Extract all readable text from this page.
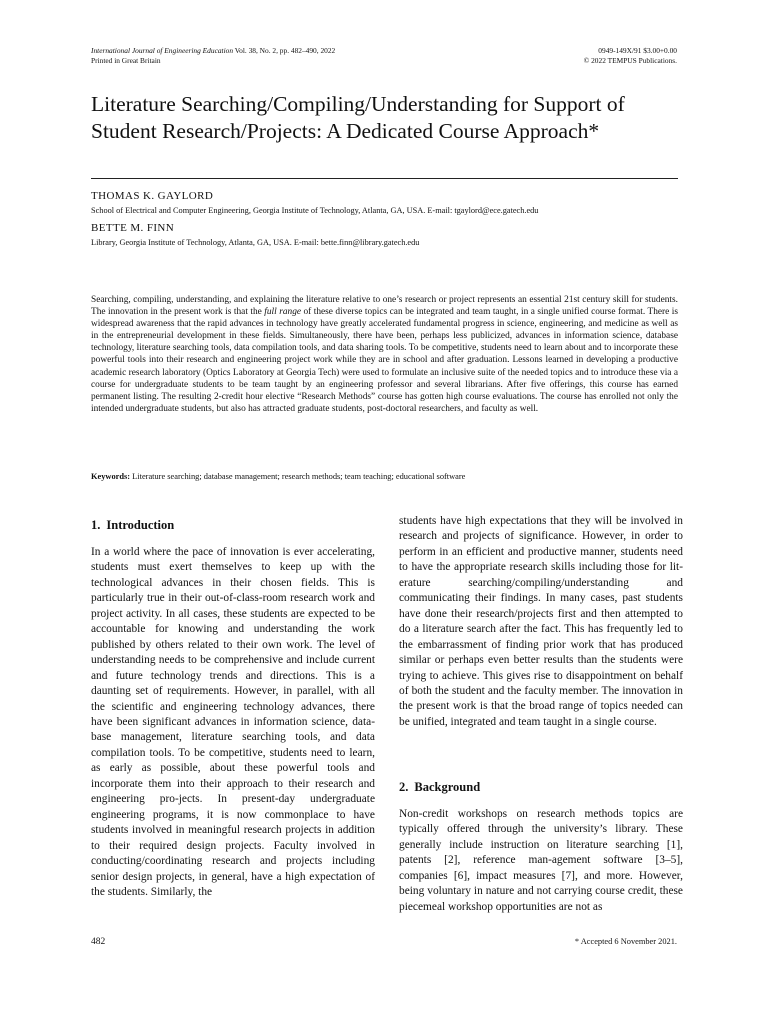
International Journal of Engineering Education Vol. 38, No. 2, pp. 482–490, 2022
Printed in Great Britain
0949-149X/91 $3.00+0.00
© 2022 TEMPUS Publications.
Literature Searching/Compiling/Understanding for Support of Student Research/Projects: A Dedicated Course Approach*
THOMAS K. GAYLORD
School of Electrical and Computer Engineering, Georgia Institute of Technology, Atlanta, GA, USA. E-mail: tgaylord@ece.gatech.edu
BETTE M. FINN
Library, Georgia Institute of Technology, Atlanta, GA, USA. E-mail: bette.finn@library.gatech.edu

Searching, compiling, understanding, and explaining the literature relative to one’s research or project represents an essential 21st century skill for students. The innovation in the present work is that the full range of these diverse topics can be integrated and team taught, in a single unified course format. There is widespread awareness that the rapid advances in technology have greatly accelerated fundamental progress in science, engineering, and medicine as well as in the entrepreneurial development in these fields. Simultaneously, there have been, perhaps less publicized, advances in information science, database technology, literature searching tools, data compilation tools, and data sharing tools. To be competitive, students need to learn about and to incorporate these powerful tools into their research and engineering project work while they are in school and after graduation. Lessons learned in developing a productive academic research laboratory (Optics Laboratory at Georgia Tech) were used to formulate an inclusive suite of the needed topics and to introduce these via a course for undergraduate students to be team taught by an engineering professor and several librarians. After five offerings, this course has earned permanent listing. The resulting 2-credit hour elective “Research Methods” course has gotten high course evaluations. The course has enrolled not only the intended undergraduate students, but also has attracted graduate students, post-doctoral researchers, and faculty as well.

Keywords: Literature searching; database management; research methods; team teaching; educational software
1. Introduction

In a world where the pace of innovation is ever accelerating, students must exert themselves to keep up with the technological advances in their chosen fields. This is particularly true in their out-of-class-room research work and project activity. In all cases, these students are expected to be accountable for knowing and understanding the work published by others related to their own work. The level of understanding needs to be comprehensive and include current and future technology trends and directions. This is a daunting set of requirements. However, in parallel, with all the scientific and engineering technology advances, there have been significant advances in information science, data-base management, literature searching tools, and data compilation tools. To be competitive, students need to learn, as early as possible, about these powerful tools and incorporate them into their approach to their research and engineering pro-jects. In present-day undergraduate engineering programs, it is now commonplace to have students involved in meaningful research projects in addition to their required design projects. Faculty involved in conducting/coordinating research and projects including senior design projects, in general, have a high expectation of the students. Similarly, the

students have high expectations that they will be involved in research and projects of significance. However, in order to perform in an efficient and productive manner, students need to have the appropriate research skills including those for lit-erature searching/compiling/understanding and communicating their findings. In many cases, past students have done their research/projects first and then attempted to do a literature search after the fact. This has frequently led to the embarrassment of finding prior work that has produced similar or perhaps even better results than the students were trying to achieve. This gives rise to disappointment on behalf of both the student and the faculty member. The innovation in the present work is that the broad range of topics needed can be unified, integrated and team taught in a single course.

2. Background

Non-credit workshops on research methods topics are typically offered through the university’s library. These generally include instruction on literature searching [1], patents [2], reference man-agement software [3–5], companies [6], impact measures [7], and more. However, being voluntary in nature and not carrying course credit, these piecemeal workshop opportunities are not as

482	* Accepted 6 November 2021.
